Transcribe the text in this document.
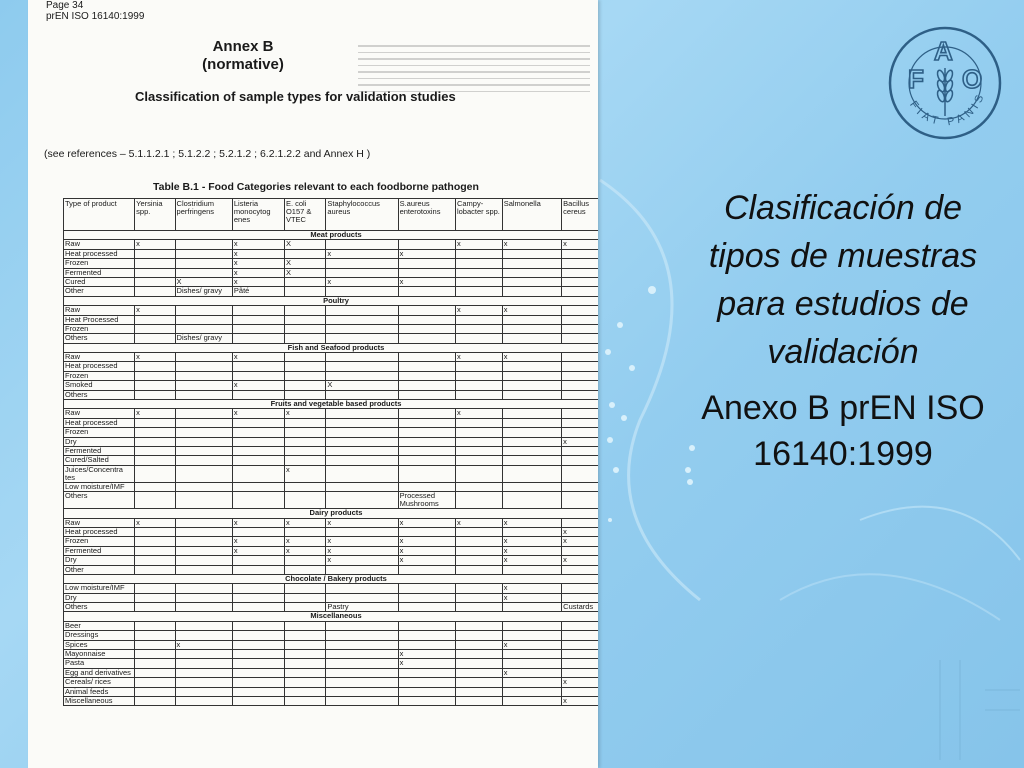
Page 34
prEN ISO 16140:1999
Annex B
(normative)
Classification of sample types for validation studies
(see references – 5.1.1.2.1 ; 5.1.2.2 ; 5.2.1.2 ; 6.2.1.2.2 and Annex H )
Table B.1 - Food Categories relevant to each foodborne pathogen
Type of product	Yersinia spp.	Clostridium perfringens	Listeria monocytog enes	E. coli O157 & VTEC	Staphylococcus aureus	S.aureus enterotoxins	Campy-lobacter spp.	Salmonella	Bacillus cereus
Meat products									
Raw	x		x	X			x	x	x
Heat processed			x		x	x			
Frozen			x	X					
Fermented			x	X					
Cured		X	x		x	x			
Other		Dishes/ gravy	Pâté						
Poultry									
Raw	x						x	x	
Heat Processed									
Frozen									
Others		Dishes/ gravy							
Fish and Seafood products									
Raw	x		x				x	x	
Heat processed									
Frozen									
Smoked			x		X				
Others									
Fruits and vegetable based products									
Raw	x		x	x			x		
Heat processed									
Frozen									
Dry									x
Fermented									
Cured/Salted									
Juices/Concentra tes				x					
Low moisture/IMF									
Others						Processed Mushrooms			
Dairy products									
Raw	x		x	x	x	x	x	x	
Heat processed									x
Frozen			x	x	x	x		x	x
Fermented			x	x	x	x		x	
Dry					x	x		x	x
Other									
Chocolate / Bakery products									
Low moisture/IMF								x	
Dry								x	
Others					Pastry				Custards
Miscellaneous									
Beer									
Dressings									
Spices		x						x	
Mayonnaise						x			
Pasta						x			
Egg and derivatives								x	
Cereals/ rices									x
Animal feeds									
Miscellaneous									x
F
A
O
FIAT PANIS
Clasificación de
tipos de muestras
para estudios de
validación
Anexo B prEN ISO
16140:1999
